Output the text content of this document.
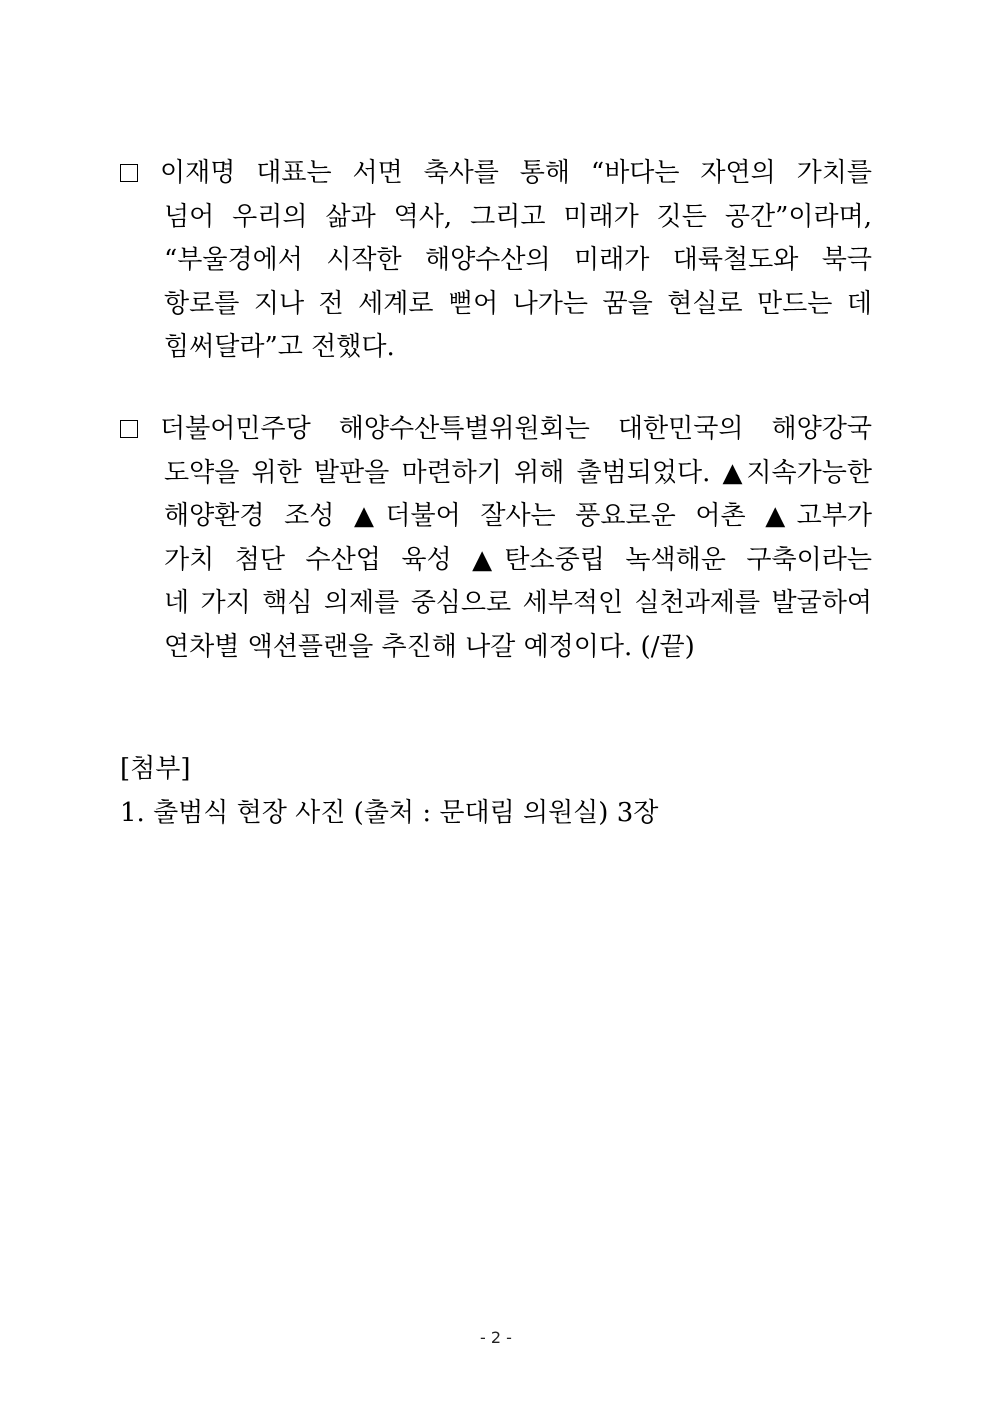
이재명 대표는 서면 축사를 통해 “바다는 자연의 가치를
넘어 우리의 삶과 역사, 그리고 미래가 깃든 공간”이라며,
“부울경에서 시작한 해양수산의 미래가 대륙철도와 북극
항로를 지나 전 세계로 뻗어 나가는 꿈을 현실로 만드는 데
힘써달라”고 전했다.
더불어민주당 해양수산특별위원회는 대한민국의 해양강국
도약을 위한 발판을 마련하기 위해 출범되었다. ▲지속가능한
해양환경 조성 ▲더불어 잘사는 풍요로운 어촌 ▲고부가
가치 첨단 수산업 육성 ▲탄소중립 녹색해운 구축이라는
네 가지 핵심 의제를 중심으로 세부적인 실천과제를 발굴하여
연차별 액션플랜을 추진해 나갈 예정이다. (/끝)
[첨부]
1. 출범식 현장 사진 (출처 : 문대림 의원실) 3장
- 2 -
